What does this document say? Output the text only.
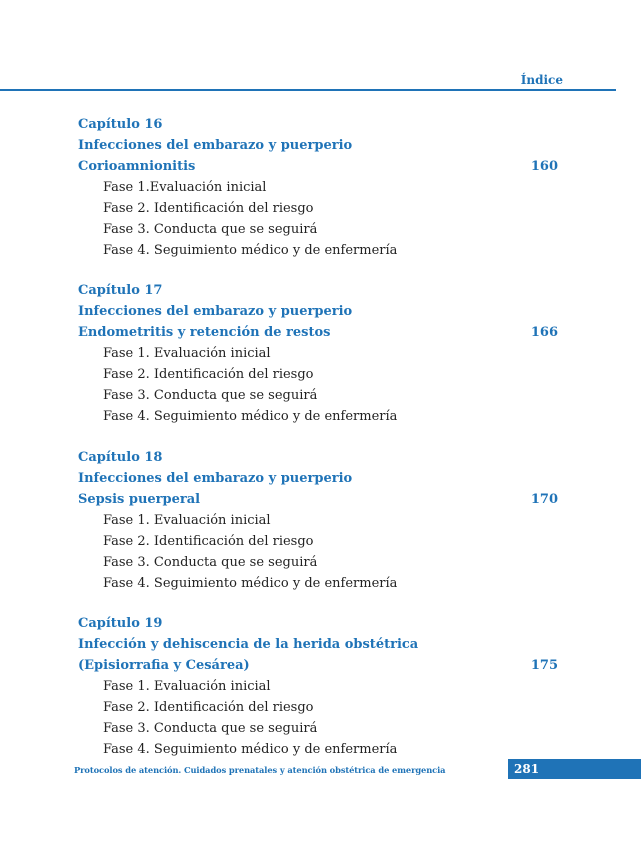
Índice
Capítulo 16
Infecciones del embarazo y puerperio
Corioamnionitis	160
Fase 1.Evaluación inicial
Fase 2. Identificación del riesgo
Fase 3. Conducta que se seguirá
Fase 4. Seguimiento médico y de enfermería
Capítulo 17
Infecciones del embarazo y puerperio
Endometritis y retención de restos	166
Fase 1. Evaluación inicial
Fase 2. Identificación del riesgo
Fase 3. Conducta que se seguirá
Fase 4. Seguimiento médico y de enfermería
Capítulo 18
Infecciones del embarazo y puerperio
Sepsis puerperal	170
Fase 1. Evaluación inicial
Fase 2. Identificación del riesgo
Fase 3. Conducta que se seguirá
Fase 4. Seguimiento médico y de enfermería
Capítulo 19
Infección y dehiscencia de la herida obstétrica
(Episiorrafia y Cesárea)	175
Fase 1. Evaluación inicial
Fase 2. Identificación del riesgo
Fase 3. Conducta que se seguirá
Fase 4. Seguimiento médico y de enfermería
Protocolos de atención. Cuidados prenatales y atención obstétrica de emergencia	281
